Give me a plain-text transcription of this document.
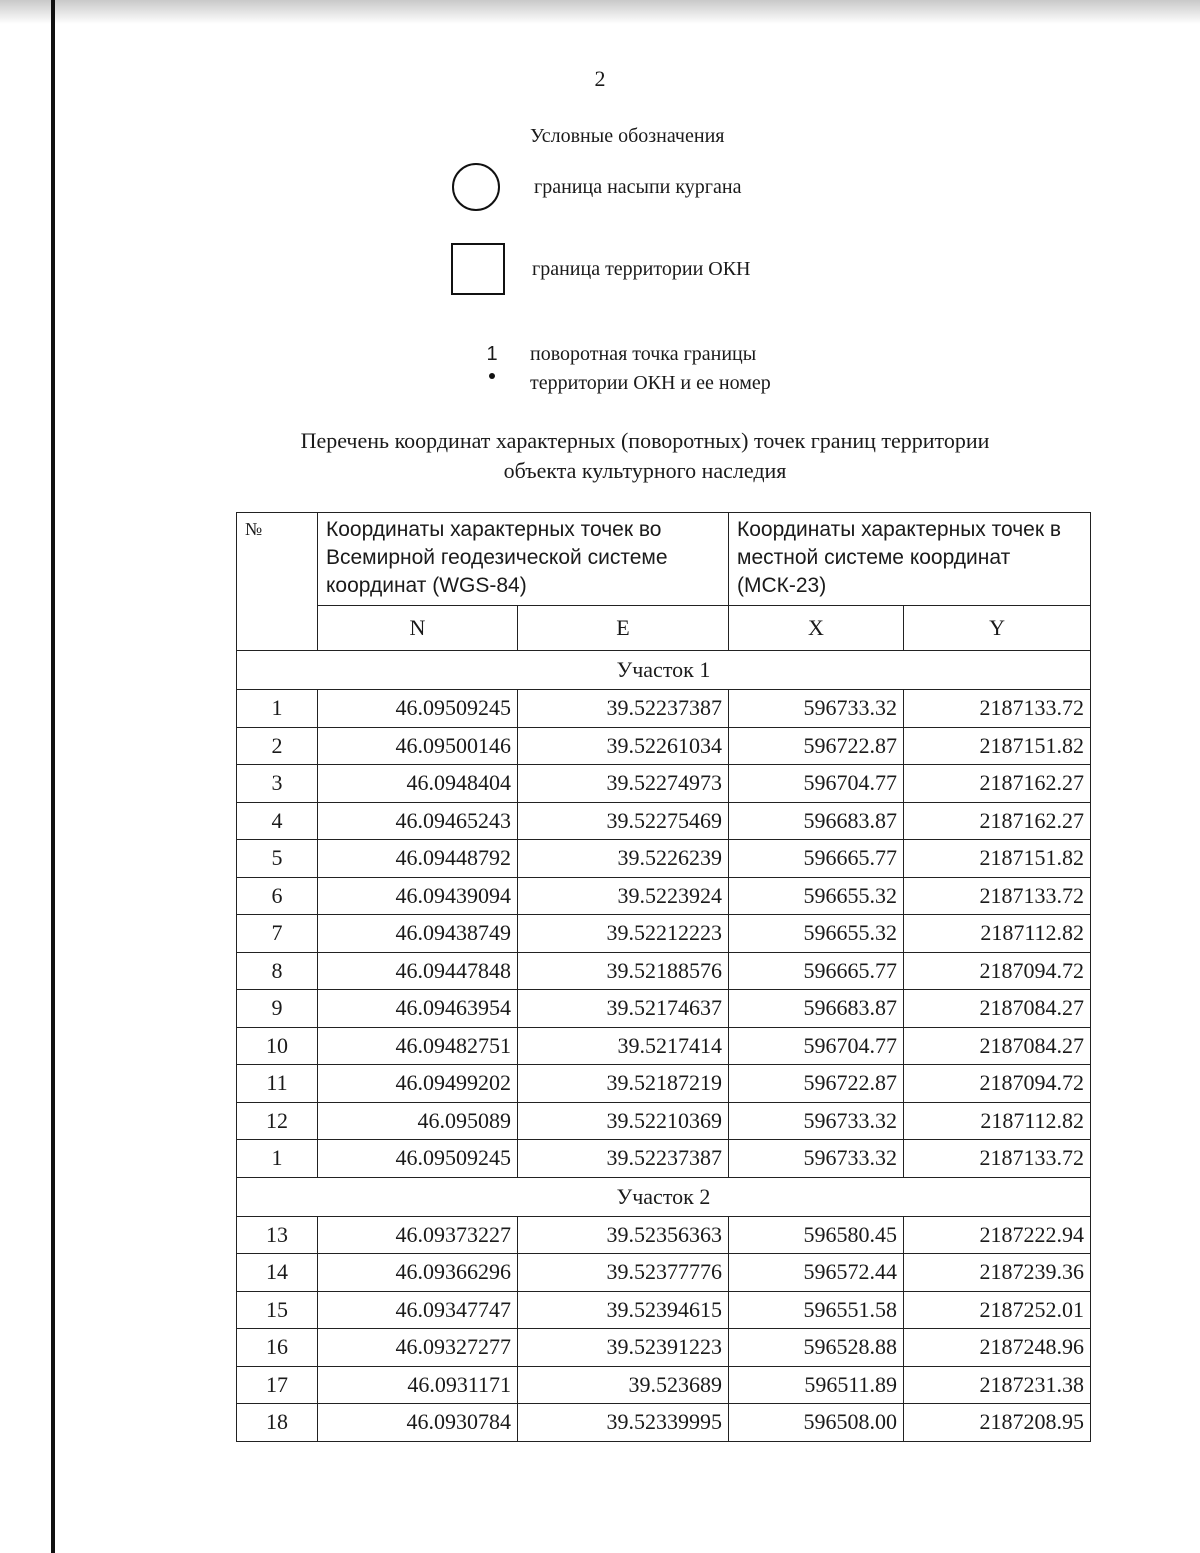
2
Условные обозначения
граница насыпи кургана
граница территории ОКН
1 поворотная точка границы
территории ОКН и ее номер
Перечень координат характерных (поворотных) точек границ территории
объекта культурного наследия
№	Координаты характерных точек во Всемирной геодезической системе координат (WGS-84)		Координаты характерных точек в местной системе координат (МСК-23)	
	N	E	X	Y
Участок 1				
1	46.09509245	39.52237387	596733.32	2187133.72
2	46.09500146	39.52261034	596722.87	2187151.82
3	46.0948404	39.52274973	596704.77	2187162.27
4	46.09465243	39.52275469	596683.87	2187162.27
5	46.09448792	39.5226239	596665.77	2187151.82
6	46.09439094	39.5223924	596655.32	2187133.72
7	46.09438749	39.52212223	596655.32	2187112.82
8	46.09447848	39.52188576	596665.77	2187094.72
9	46.09463954	39.52174637	596683.87	2187084.27
10	46.09482751	39.5217414	596704.77	2187084.27
11	46.09499202	39.52187219	596722.87	2187094.72
12	46.095089	39.52210369	596733.32	2187112.82
1	46.09509245	39.52237387	596733.32	2187133.72
Участок 2				
13	46.09373227	39.52356363	596580.45	2187222.94
14	46.09366296	39.52377776	596572.44	2187239.36
15	46.09347747	39.52394615	596551.58	2187252.01
16	46.09327277	39.52391223	596528.88	2187248.96
17	46.0931171	39.523689	596511.89	2187231.38
18	46.0930784	39.52339995	596508.00	2187208.95
